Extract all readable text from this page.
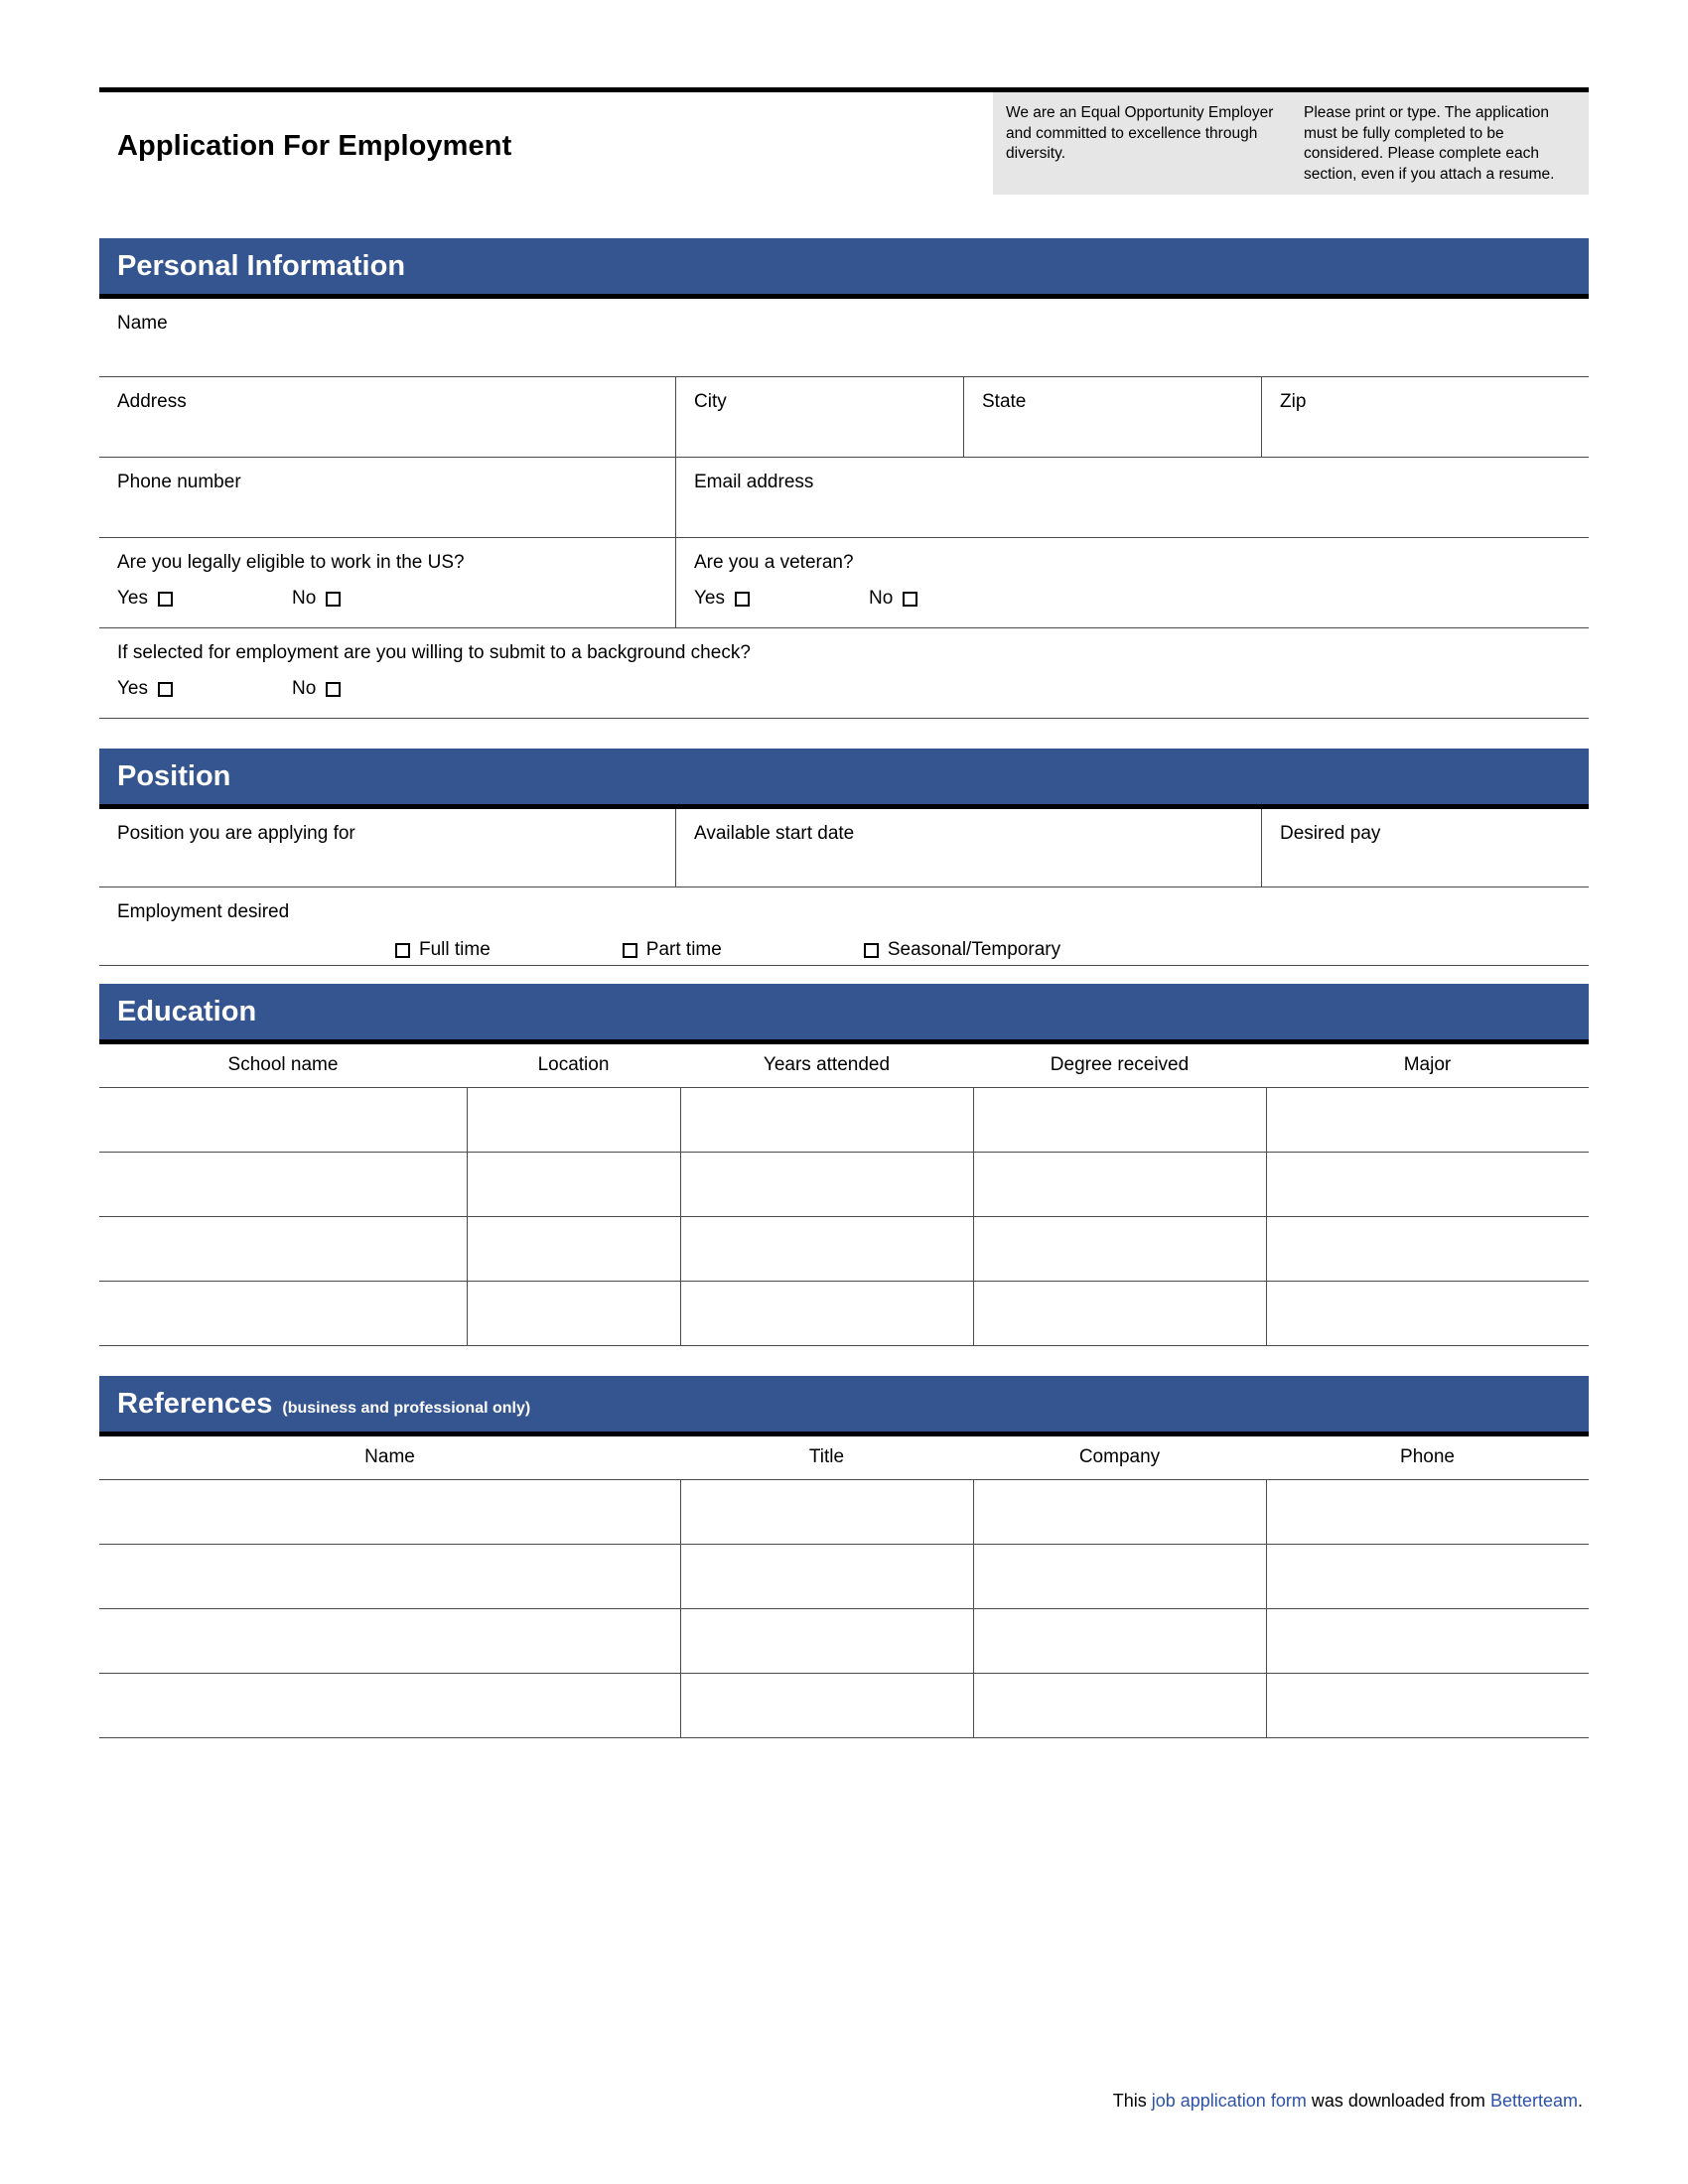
Application For Employment
We are an Equal Opportunity Employer and committed to excellence through diversity.
Please print or type. The application must be fully completed to be considered. Please complete each section, even if you attach a resume.
Personal Information
Name
Address	City	State	Zip
Phone number	Email address
Are you legally eligible to work in the US?
Yes	No
Are you a veteran?
Yes	No
If selected for employment are you willing to submit to a background check?
Yes	No
Position
Position you are applying for	Available start date	Desired pay
Employment desired
Full time	Part time	Seasonal/Temporary
Education
School name	Location	Years attended	Degree received	Major

References (business and professional only)
Name	Title	Company	Phone

This job application form was downloaded from Betterteam.
